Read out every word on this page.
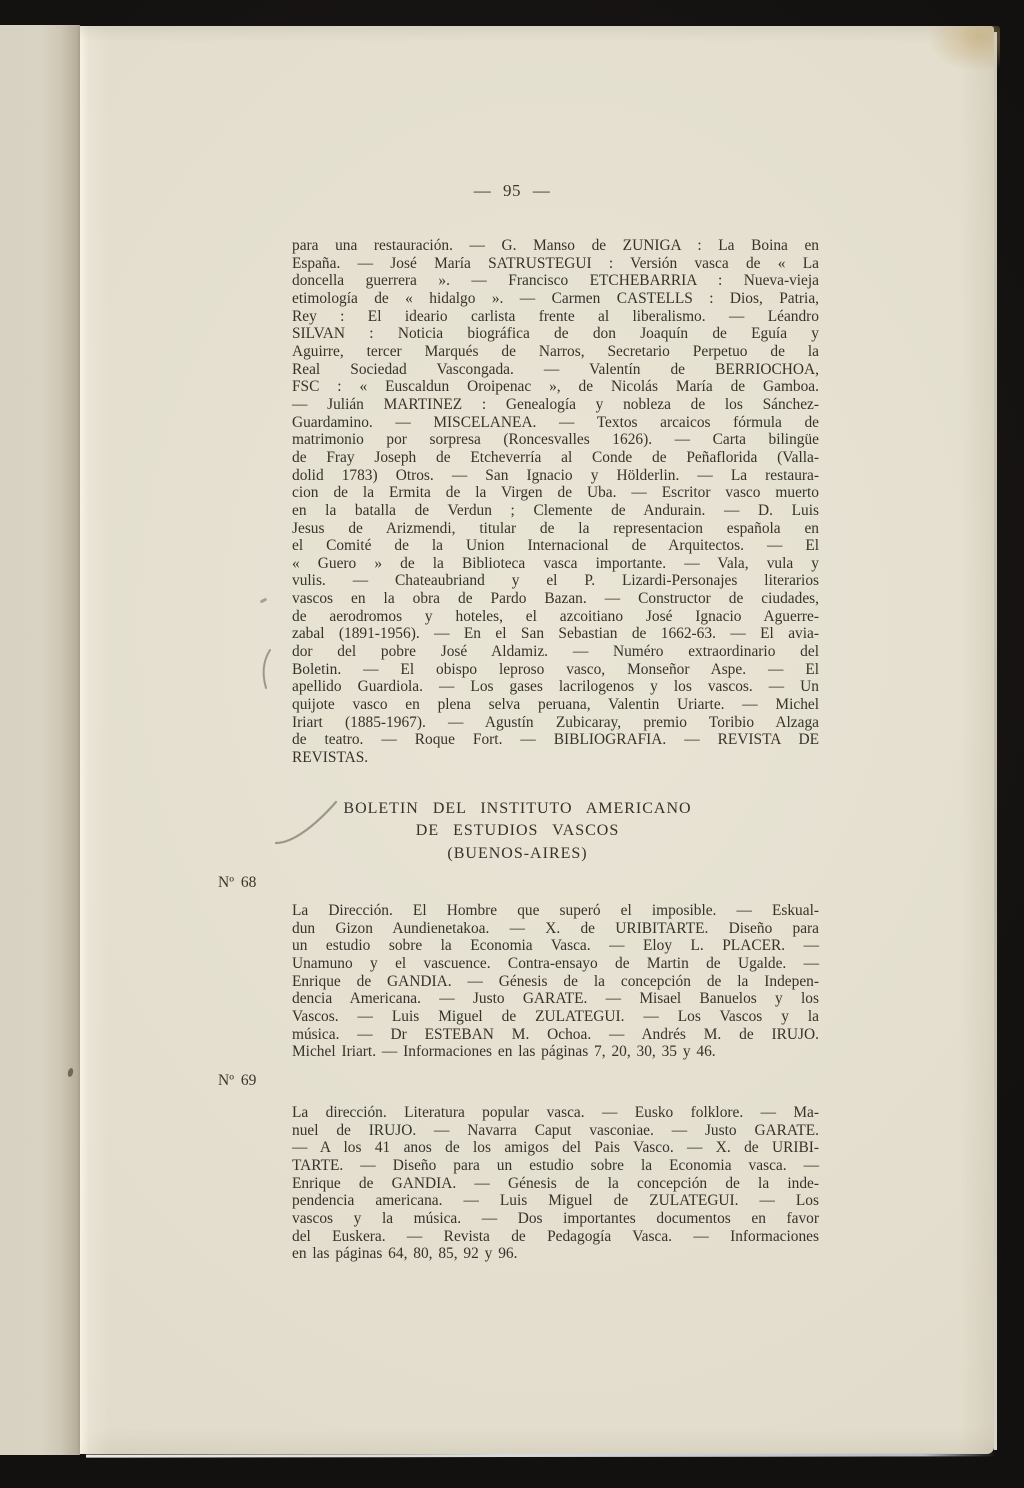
— 95 —
para una restauración. — G. Manso de ZUNIGA : La Boina en
España. — José María SATRUSTEGUI : Versión vasca de « La
doncella guerrera ». — Francisco ETCHEBARRIA : Nueva-vieja
etimología de « hidalgo ». — Carmen CASTELLS : Dios, Patria,
Rey : El ideario carlista frente al liberalismo. — Léandro
SILVAN : Noticia biográfica de don Joaquín de Eguía y
Aguirre, tercer Marqués de Narros, Secretario Perpetuo de la
Real Sociedad Vascongada. — Valentín de BERRIOCHOA,
FSC : « Euscaldun Oroipenac », de Nicolás María de Gamboa.
— Julián MARTINEZ : Genealogía y nobleza de los Sánchez-
Guardamino. — MISCELANEA. — Textos arcaicos fórmula de
matrimonio por sorpresa (Roncesvalles 1626). — Carta bilingüe
de Fray Joseph de Etcheverría al Conde de Peñaflorida (Valla-
dolid 1783) Otros. — San Ignacio y Hölderlin. — La restaura-
cion de la Ermita de la Virgen de Uba. — Escritor vasco muerto
en la batalla de Verdun ; Clemente de Andurain. — D. Luis
Jesus de Arizmendi, titular de la representacion española en
el Comité de la Union Internacional de Arquitectos. — El
« Guero » de la Biblioteca vasca importante. — Vala, vula y
vulis. — Chateaubriand y el P. Lizardi-Personajes literarios
vascos en la obra de Pardo Bazan. — Constructor de ciudades,
de aerodromos y hoteles, el azcoitiano José Ignacio Aguerre-
zabal (1891-1956). — En el San Sebastian de 1662-63. — El avia-
dor del pobre José Aldamiz. — Numéro extraordinario del
Boletin. — El obispo leproso vasco, Monseñor Aspe. — El
apellido Guardiola. — Los gases lacrilogenos y los vascos. — Un
quijote vasco en plena selva peruana, Valentin Uriarte. — Michel
Iriart (1885-1967). — Agustín Zubicaray, premio Toribio Alzaga
de teatro. — Roque Fort. — BIBLIOGRAFIA. — REVISTA DE
REVISTAS.
BOLETIN DEL INSTITUTO AMERICANO
DE ESTUDIOS VASCOS
(BUENOS-AIRES)
Nº 68
La Dirección. El Hombre que superó el imposible. — Eskual-
dun Gizon Aundienetakoa. — X. de URIBITARTE. Diseño para
un estudio sobre la Economia Vasca. — Eloy L. PLACER. —
Unamuno y el vascuence. Contra-ensayo de Martin de Ugalde. —
Enrique de GANDIA. — Génesis de la concepción de la Indepen-
dencia Americana. — Justo GARATE. — Misael Banuelos y los
Vascos. — Luis Miguel de ZULATEGUI. — Los Vascos y la
música. — Dr ESTEBAN M. Ochoa. — Andrés M. de IRUJO.
Michel Iriart. — Informaciones en las páginas 7, 20, 30, 35 y 46.
Nº 69
La dirección. Literatura popular vasca. — Eusko folklore. — Ma-
nuel de IRUJO. — Navarra Caput vasconiae. — Justo GARATE.
— A los 41 anos de los amigos del Pais Vasco. — X. de URIBI-
TARTE. — Diseño para un estudio sobre la Economia vasca. —
Enrique de GANDIA. — Génesis de la concepción de la inde-
pendencia americana. — Luis Miguel de ZULATEGUI. — Los
vascos y la música. — Dos importantes documentos en favor
del Euskera. — Revista de Pedagogía Vasca. — Informaciones
en las páginas 64, 80, 85, 92 y 96.
